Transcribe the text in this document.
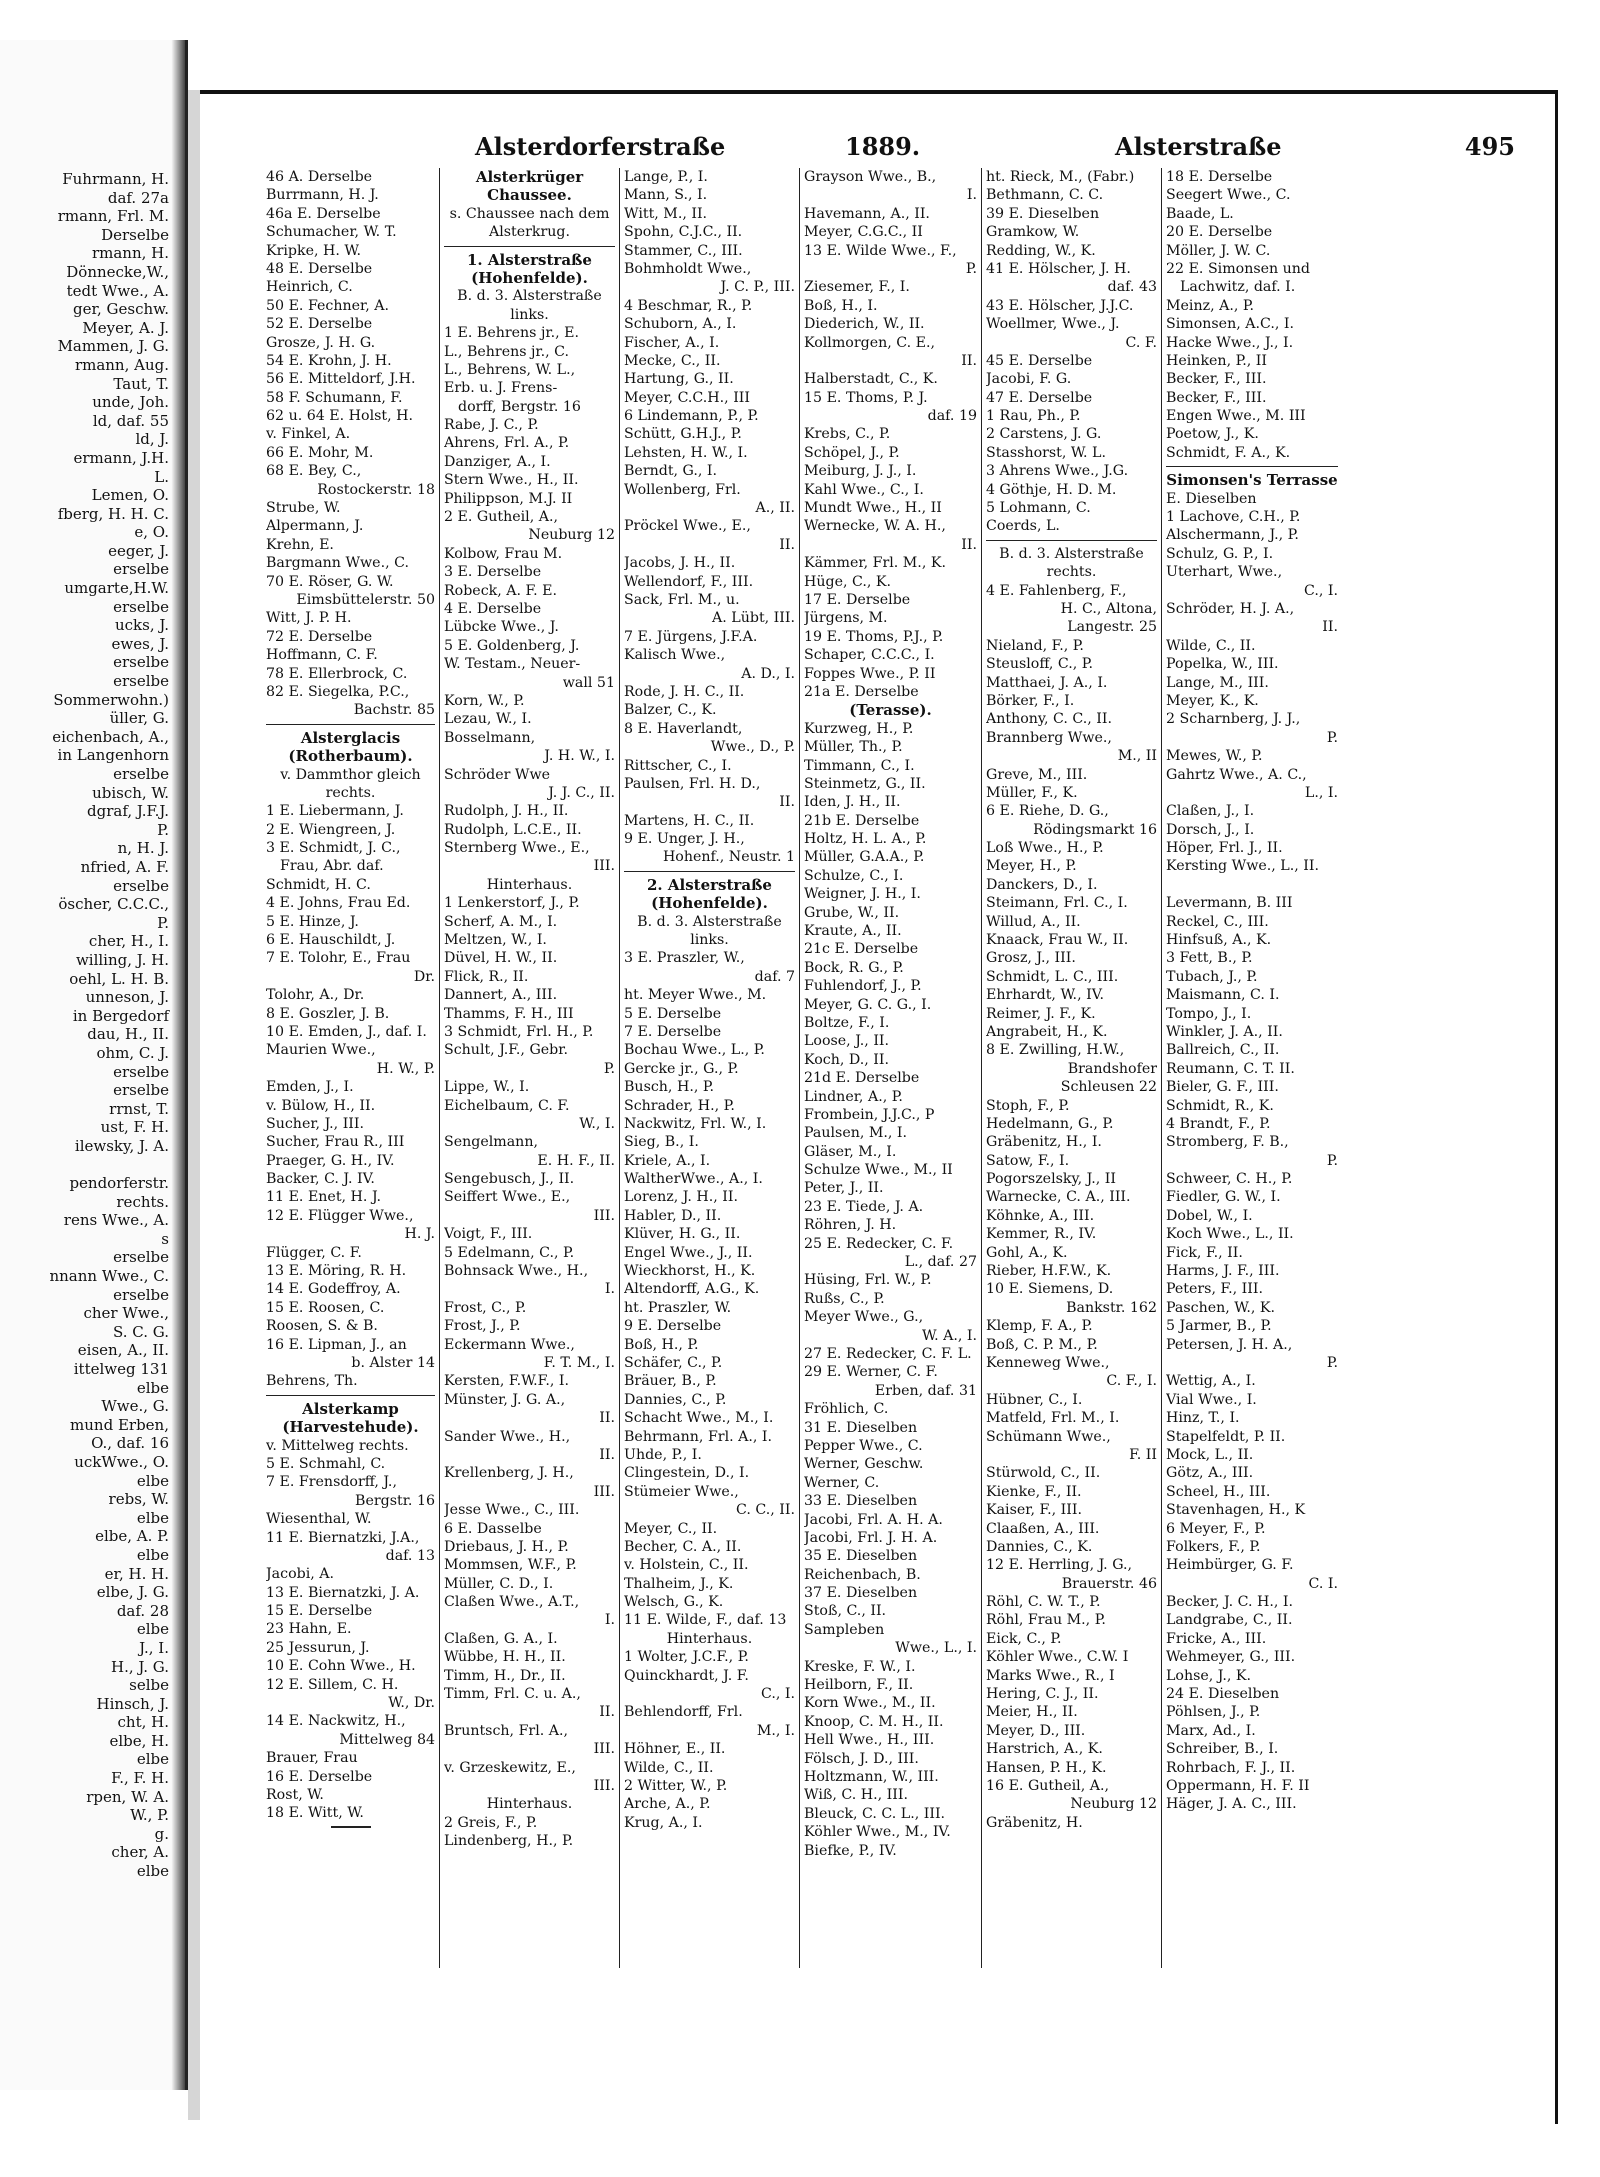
Fuhrmann, H.
daf. 27a
rmann, Frl. M.
Derselbe
rmann, H.
Dönnecke,W.,
tedt Wwe., A.
ger, Geschw.
Meyer, A. J.
Mammen, J. G.
rmann, Aug.
Taut, T.
unde, Joh.
ld, daf. 55
ld, J.
ermann, J.H.
L.
Lemen, O.
fberg, H. H. C.
e, O.
eeger, J.
erselbe
umgarte,H.W.
erselbe
ucks, J.
ewes, J.
erselbe
erselbe
Sommerwohn.)
üller, G.
eichenbach, A.,
in Langenhorn
erselbe
ubisch, W.
dgraf, J.F.J.
P.
n, H. J.
nfried, A. F.
erselbe
öscher, C.C.C.,
P.
cher, H., I.
willing, J. H.
oehl, L. H. B.
unneson, J.
in Bergedorf
dau, H., II.
ohm, C. J.
erselbe
erselbe
rrnst, T.
ust, F. H.
ilewsky, J. A.
pendorferstr.
rechts.
rens Wwe., A.
s
erselbe
nnann Wwe., C.
erselbe
cher Wwe.,
S. C. G.
eisen, A., II.
ittelweg 131
elbe
Wwe., G.
mund Erben,
O., daf. 16
uckWwe., O.
elbe
rebs, W.
elbe
elbe, A. P.
elbe
er, H. H.
elbe, J. G.
daf. 28
elbe
J., I.
H., J. G.
selbe
Hinsch, J.
cht, H.
elbe, H.
elbe
F., F. H.
rpen, W. A.
W., P.
g.
cher, A.
elbe
Alsterdorferstraße	1889.	Alsterstraße	495
46 A. Derselbe
Burrmann, H. J.
46a E. Derselbe
Schumacher, W. T.
Kripke, H. W.
48 E. Derselbe
Heinrich, C.
50 E. Fechner, A.
52 E. Derselbe
Grosze, J. H. G.
54 E. Krohn, J. H.
56 E. Mitteldorf, J.H.
58 F. Schumann, F.
62 u. 64 E. Holst, H.
v. Finkel, A.
66 E. Mohr, M.
68 E. Bey, C.,
Rostockerstr. 18
Strube, W.
Alpermann, J.
Krehn, E.
Bargmann Wwe., C.
70 E. Röser, G. W.
Eimsbüttelerstr. 50
Witt, J. P. H.
72 E. Derselbe
Hoffmann, C. F.
78 E. Ellerbrock, C.
82 E. Siegelka, P.C.,
Bachstr. 85
Alsterglacis
(Rotherbaum).
v. Dammthor gleich
rechts.
1 E. Liebermann, J.
2 E. Wiengreen, J.
3 E. Schmidt, J. C.,
Frau, Abr. daf.
Schmidt, H. C.
4 E. Johns, Frau Ed.
5 E. Hinze, J.
6 E. Hauschildt, J.
7 E. Tolohr, E., Frau
Dr.
Tolohr, A., Dr.
8 E. Goszler, J. B.
10 E. Emden, J., daf. I.
Maurien Wwe.,
H. W., P.
Emden, J., I.
v. Bülow, H., II.
Sucher, J., III.
Sucher, Frau R., III
Praeger, G. H., IV.
Backer, C. J. IV.
11 E. Enet, H. J.
12 E. Flügger Wwe.,
H. J.
Flügger, C. F.
13 E. Möring, R. H.
14 E. Godeffroy, A.
15 E. Roosen, C.
Roosen, S. & B.
16 E. Lipman, J., an
b. Alster 14
Behrens, Th.
Alsterkamp
(Harvestehude).
v. Mittelweg rechts.
5 E. Schmahl, C.
7 E. Frensdorff, J.,
Bergstr. 16
Wiesenthal, W.
11 E. Biernatzki, J.A.,
daf. 13
Jacobi, A.
13 E. Biernatzki, J. A.
15 E. Derselbe
23 Hahn, E.
25 Jessurun, J.
10 E. Cohn Wwe., H.
12 E. Sillem, C. H.
W., Dr.
14 E. Nackwitz, H.,
Mittelweg 84
Brauer, Frau
16 E. Derselbe
Rost, W.
18 E. Witt, W.
Alsterkrüger
Chaussee.
s. Chaussee nach dem
Alsterkrug.
1. Alsterstraße
(Hohenfelde).
B. d. 3. Alsterstraße
links.
1 E. Behrens jr., E.
L., Behrens jr., C.
L., Behrens, W. L.,
Erb. u. J. Frens-
dorff, Bergstr. 16
Rabe, J. C., P.
Ahrens, Frl. A., P.
Danziger, A., I.
Stern Wwe., H., II.
Philippson, M.J. II
2 E. Gutheil, A.,
Neuburg 12
Kolbow, Frau M.
3 E. Derselbe
Robeck, A. F. E.
4 E. Derselbe
Lübcke Wwe., J.
5 E. Goldenberg, J.
W. Testam., Neuer-
wall 51
Korn, W., P.
Lezau, W., I.
Bosselmann,
J. H. W., I.
Schröder Wwe
J. J. C., II.
Rudolph, J. H., II.
Rudolph, L.C.E., II.
Sternberg Wwe., E.,
III.
Hinterhaus.
1 Lenkerstorf, J., P.
Scherf, A. M., I.
Meltzen, W., I.
Düvel, H. W., II.
Flick, R., II.
Dannert, A., III.
Thamms, F. H., III
3 Schmidt, Frl. H., P.
Schult, J.F., Gebr.
P.
Lippe, W., I.
Eichelbaum, C. F.
W., I.
Sengelmann,
E. H. F., II.
Sengebusch, J., II.
Seiffert Wwe., E.,
III.
Voigt, F., III.
5 Edelmann, C., P.
Bohnsack Wwe., H.,
I.
Frost, C., P.
Frost, J., P.
Eckermann Wwe.,
F. T. M., I.
Kersten, F.W.F., I.
Münster, J. G. A.,
II.
Sander Wwe., H.,
II.
Krellenberg, J. H.,
III.
Jesse Wwe., C., III.
6 E. Dasselbe
Driebaus, J. H., P.
Mommsen, W.F., P.
Müller, C. D., I.
Claßen Wwe., A.T.,
I.
Claßen, G. A., I.
Wübbe, H. H., II.
Timm, H., Dr., II.
Timm, Frl. C. u. A.,
II.
Bruntsch, Frl. A.,
III.
v. Grzeskewitz, E.,
III.
Hinterhaus.
2 Greis, F., P.
Lindenberg, H., P.
Lange, P., I.
Mann, S., I.
Witt, M., II.
Spohn, C.J.C., II.
Stammer, C., III.
Bohmholdt Wwe.,
J. C. P., III.
4 Beschmar, R., P.
Schuborn, A., I.
Fischer, A., I.
Mecke, C., II.
Hartung, G., II.
Meyer, C.C.H., III
6 Lindemann, P., P.
Schütt, G.H.J., P.
Lehsten, H. W., I.
Berndt, G., I.
Wollenberg, Frl.
A., II.
Pröckel Wwe., E.,
II.
Jacobs, J. H., II.
Wellendorf, F., III.
Sack, Frl. M., u.
A. Lübt, III.
7 E. Jürgens, J.F.A.
Kalisch Wwe.,
A. D., I.
Rode, J. H. C., II.
Balzer, C., K.
8 E. Haverlandt,
Wwe., D., P.
Rittscher, C., I.
Paulsen, Frl. H. D.,
II.
Martens, H. C., II.
9 E. Unger, J. H.,
Hohenf., Neustr. 1
2. Alsterstraße
(Hohenfelde).
B. d. 3. Alsterstraße
links.
3 E. Praszler, W.,
daf. 7
ht. Meyer Wwe., M.
5 E. Derselbe
7 E. Derselbe
Bochau Wwe., L., P.
Gercke jr., G., P.
Busch, H., P.
Schrader, H., P.
Nackwitz, Frl. W., I.
Sieg, B., I.
Kriele, A., I.
WaltherWwe., A., I.
Lorenz, J. H., II.
Habler, D., II.
Klüver, H. G., II.
Engel Wwe., J., II.
Wieckhorst, H., K.
Altendorff, A.G., K.
ht. Praszler, W.
9 E. Derselbe
Boß, H., P.
Schäfer, C., P.
Bräuer, B., P.
Dannies, C., P.
Schacht Wwe., M., I.
Behrmann, Frl. A., I.
Uhde, P., I.
Clingestein, D., I.
Stümeier Wwe.,
C. C., II.
Meyer, C., II.
Becher, C. A., II.
v. Holstein, C., II.
Thalheim, J., K.
Welsch, G., K.
11 E. Wilde, F., daf. 13
Hinterhaus.
1 Wolter, J.C.F., P.
Quinckhardt, J. F.
C., I.
Behlendorff, Frl.
M., I.
Höhner, E., II.
Wilde, C., II.
2 Witter, W., P.
Arche, A., P.
Krug, A., I.
Grayson Wwe., B.,
I.
Havemann, A., II.
Meyer, C.G.C., II
13 E. Wilde Wwe., F.,
P.
Ziesemer, F., I.
Boß, H., I.
Diederich, W., II.
Kollmorgen, C. E.,
II.
Halberstadt, C., K.
15 E. Thoms, P. J.
daf. 19
Krebs, C., P.
Schöpel, J., P.
Meiburg, J. J., I.
Kahl Wwe., C., I.
Mundt Wwe., H., II
Wernecke, W. A. H.,
II.
Kämmer, Frl. M., K.
Hüge, C., K.
17 E. Derselbe
Jürgens, M.
19 E. Thoms, P.J., P.
Schaper, C.C.C., I.
Foppes Wwe., P. II
21a E. Derselbe
(Terasse).
Kurzweg, H., P.
Müller, Th., P.
Timmann, C., I.
Steinmetz, G., II.
Iden, J. H., II.
21b E. Derselbe
Holtz, H. L. A., P.
Müller, G.A.A., P.
Schulze, C., I.
Weigner, J. H., I.
Grube, W., II.
Kraute, A., II.
21c E. Derselbe
Bock, R. G., P.
Fuhlendorf, J., P.
Meyer, G. C. G., I.
Boltze, F., I.
Loose, J., II.
Koch, D., II.
21d E. Derselbe
Lindner, A., P.
Frombein, J.J.C., P
Paulsen, M., I.
Gläser, M., I.
Schulze Wwe., M., II
Peter, J., II.
23 E. Tiede, J. A.
Röhren, J. H.
25 E. Redecker, C. F.
L., daf. 27
Hüsing, Frl. W., P.
Rußs, C., P.
Meyer Wwe., G.,
W. A., I.
27 E. Redecker, C. F. L.
29 E. Werner, C. F.
Erben, daf. 31
Fröhlich, C.
31 E. Dieselben
Pepper Wwe., C.
Werner, Geschw.
Werner, C.
33 E. Dieselben
Jacobi, Frl. A. H. A.
Jacobi, Frl. J. H. A.
35 E. Dieselben
Reichenbach, B.
37 E. Dieselben
Stoß, C., II.
Sampleben
Wwe., L., I.
Kreske, F. W., I.
Heilborn, F., II.
Korn Wwe., M., II.
Knoop, C. M. H., II.
Hell Wwe., H., III.
Fölsch, J. D., III.
Holtzmann, W., III.
Wiß, C. H., III.
Bleuck, C. C. L., III.
Köhler Wwe., M., IV.
Biefke, P., IV.
ht. Rieck, M., (Fabr.)
Bethmann, C. C.
39 E. Dieselben
Gramkow, W.
Redding, W., K.
41 E. Hölscher, J. H.
daf. 43
43 E. Hölscher, J.J.C.
Woellmer, Wwe., J.
C. F.
45 E. Derselbe
Jacobi, F. G.
47 E. Derselbe
1 Rau, Ph., P.
2 Carstens, J. G.
Stasshorst, W. L.
3 Ahrens Wwe., J.G.
4 Göthje, H. D. M.
5 Lohmann, C.
Coerds, L.
B. d. 3. Alsterstraße
rechts.
4 E. Fahlenberg, F.,
H. C., Altona,
Langestr. 25
Nieland, F., P.
Steusloff, C., P.
Matthaei, J. A., I.
Börker, F., I.
Anthony, C. C., II.
Brannberg Wwe.,
M., II
Greve, M., III.
Müller, F., K.
6 E. Riehe, D. G.,
Rödingsmarkt 16
Loß Wwe., H., P.
Meyer, H., P.
Danckers, D., I.
Steimann, Frl. C., I.
Willud, A., II.
Knaack, Frau W., II.
Grosz, J., III.
Schmidt, L. C., III.
Ehrhardt, W., IV.
Reimer, J. F., K.
Angrabeit, H., K.
8 E. Zwilling, H.W.,
Brandshofer
Schleusen 22
Stoph, F., P.
Hedelmann, G., P.
Gräbenitz, H., I.
Satow, F., I.
Pogorszelsky, J., II
Warnecke, C. A., III.
Köhnke, A., III.
Kemmer, R., IV.
Gohl, A., K.
Rieber, H.F.W., K.
10 E. Siemens, D.
Bankstr. 162
Klemp, F. A., P.
Boß, C. P. M., P.
Kenneweg Wwe.,
C. F., I.
Hübner, C., I.
Matfeld, Frl. M., I.
Schümann Wwe.,
F. II
Stürwold, C., II.
Kienke, F., II.
Kaiser, F., III.
Claaßen, A., III.
Dannies, C., K.
12 E. Herrling, J. G.,
Brauerstr. 46
Röhl, C. W. T., P.
Röhl, Frau M., P.
Eick, C., P.
Köhler Wwe., C.W. I
Marks Wwe., R., I
Hering, C. J., II.
Meier, H., II.
Meyer, D., III.
Harstrich, A., K.
Hansen, P. H., K.
16 E. Gutheil, A.,
Neuburg 12
Gräbenitz, H.
18 E. Derselbe
Seegert Wwe., C.
Baade, L.
20 E. Derselbe
Möller, J. W. C.
22 E. Simonsen und
Lachwitz, daf. I.
Meinz, A., P.
Simonsen, A.C., I.
Hacke Wwe., J., I.
Heinken, P., II
Becker, F., III.
Becker, F., III.
Engen Wwe., M. III
Poetow, J., K.
Schmidt, F. A., K.
Simonsen's Terrasse
E. Dieselben
1 Lachove, C.H., P.
Alschermann, J., P.
Schulz, G. P., I.
Uterhart, Wwe.,
C., I.
Schröder, H. J. A.,
II.
Wilde, C., II.
Popelka, W., III.
Lange, M., III.
Meyer, K., K.
2 Scharnberg, J. J.,
P.
Mewes, W., P.
Gahrtz Wwe., A. C.,
L., I.
Claßen, J., I.
Dorsch, J., I.
Höper, Frl. J., II.
Kersting Wwe., L., II.
Levermann, B. III
Reckel, C., III.
Hinfsuß, A., K.
3 Fett, B., P.
Tubach, J., P.
Maismann, C. I.
Tompo, J., I.
Winkler, J. A., II.
Ballreich, C., II.
Reumann, C. T. II.
Bieler, G. F., III.
Schmidt, R., K.
4 Brandt, F., P.
Stromberg, F. B.,
P.
Schweer, C. H., P.
Fiedler, G. W., I.
Dobel, W., I.
Koch Wwe., L., II.
Fick, F., II.
Harms, J. F., III.
Peters, F., III.
Paschen, W., K.
5 Jarmer, B., P.
Petersen, J. H. A.,
P.
Wettig, A., I.
Vial Wwe., I.
Hinz, T., I.
Stapelfeldt, P. II.
Mock, L., II.
Götz, A., III.
Scheel, H., III.
Stavenhagen, H., K
6 Meyer, F., P.
Folkers, F., P.
Heimbürger, G. F.
C. I.
Becker, J. C. H., I.
Landgrabe, C., II.
Fricke, A., III.
Wehmeyer, G., III.
Lohse, J., K.
24 E. Dieselben
Pöhlsen, J., P.
Marx, Ad., I.
Schreiber, B., I.
Rohrbach, F. J., II.
Oppermann, H. F. II
Häger, J. A. C., III.
